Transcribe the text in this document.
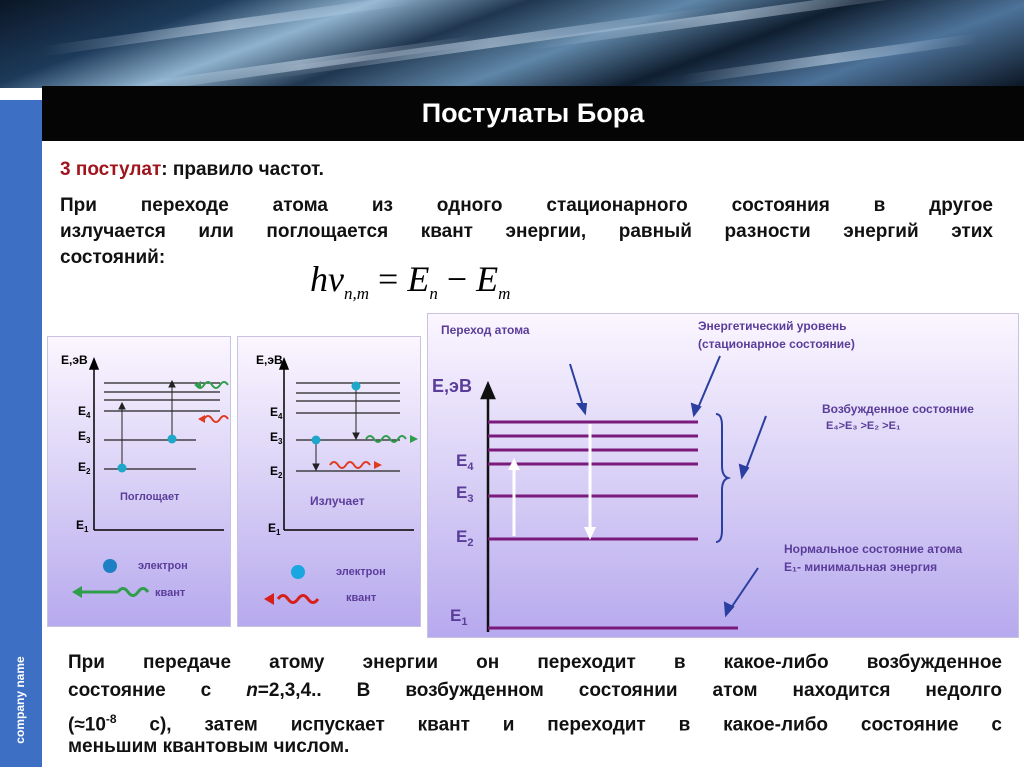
Постулаты Бора
company name
3 постулат: правило частот.
При переходе атома из одного стационарного состояния в другое
излучается или поглощается квант энергии, равный разности энергий этих
состояний:
$h\nu_{n,m} = E_n - E_m$
E,эВ
$E_4$
$E_3$
$E_2$
$E_1$
Поглощает
электрон
квант
E,эВ
$E_4$
$E_3$
$E_2$
$E_1$
Излучает
электрон
квант
Переход атома	Энергетический уровень
(стационарное состояние)
E,эВ
$E_4$
$E_3$
$E_2$
$E_1$
Возбужденное состояние
E₄>E₃ >E₂ >E₁
Нормальное состояние атома
E₁- минимальная энергия
При передаче атому энергии он переходит в какое-либо возбужденное
состояние с n=2,3,4.. В возбужденном состоянии атом находится недолго
($\approx 10^{-8}$ с), затем испускает квант и переходит в какое-либо состояние с
меньшим квантовым числом.
